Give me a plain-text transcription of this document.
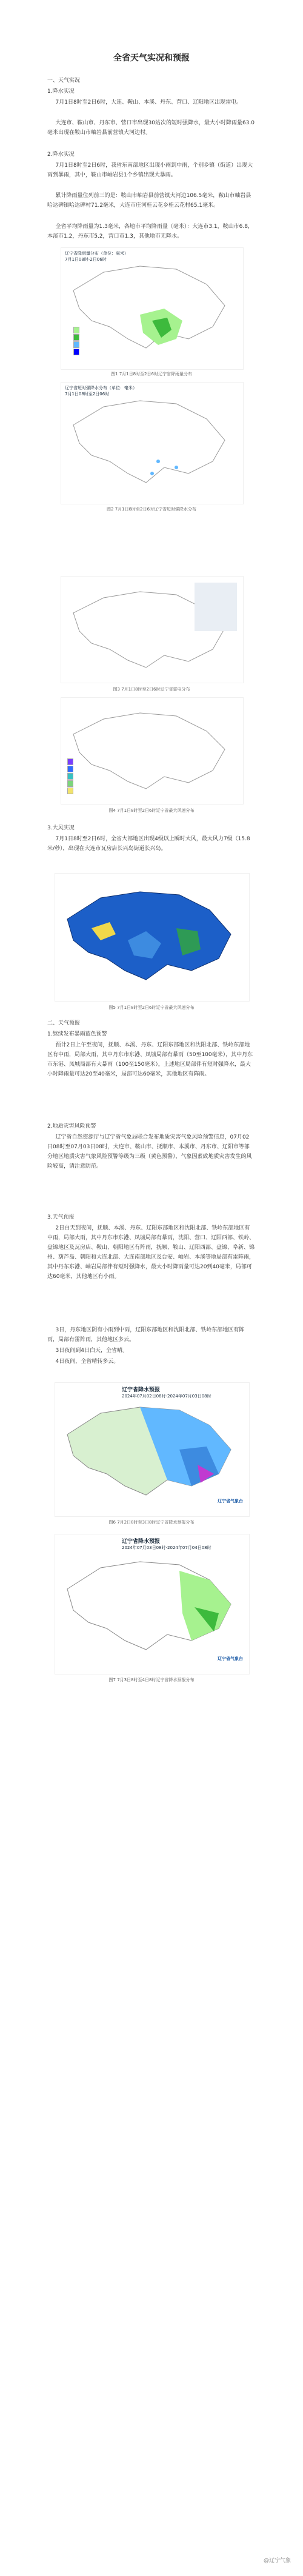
全省天气实况和预报
一、天气实况
1.降水实况
7月1日8时至2日6时，大连、鞍山、本溪、丹东、营口、辽阳地区出现雷电。
大连市、鞍山市、丹东市、营口市出现30站次的短时强降水，最大小时降雨量63.0毫米出现在鞍山市岫岩县前营镇大河边村。
2.降水实况
7月1日8时至2日6时，我省东南部地区出现小雨到中雨，个别乡镇（街道）出现大雨到暴雨，其中，鞍山市岫岩县1个乡镇出现大暴雨。
累计降雨量位列前三的是：鞍山市岫岩县前营镇大河边106.5毫米，鞍山市岫岩县哈达碑镇哈达碑村71.2毫米，大连市庄河桂云花乡桂云花村65.1毫米。
全省平均降雨量为1.3毫米，各地市平均降雨量（毫米）：大连市3.1，鞍山市6.8，本溪市1.2，丹东市5.2，营口市1.3，其他地市无降水。
辽宁省降雨量分布（单位：毫米）
7月1日08时-2日06时
图1 7月1日8时至2日6时辽宁省降雨量分布
辽宁省短时强降水分布（单位：毫米）
7月1日08时至2日06时
图2 7月1日8时至2日6时辽宁省短时强降水分布
图3 7月1日8时至2日6时辽宁省雷电分布
图4 7月1日8时至2日6时辽宁省最大风速分布
3.大风实况
7月1日8时至2日6时，全省大部地区出现4级以上瞬时大风，最大风力7级（15.8米/秒），出现在大连市瓦房店长兴岛街道长兴岛。
图5 7月1日8时至2日6时辽宁省最大风速分布
二、天气预报
1.继续发布暴雨蓝色预警
预计2日上午至夜间，抚顺、本溪、丹东、辽阳东部地区和沈阳北部、铁岭东部地区有中雨，局部大雨，其中丹东市东港、凤城局部有暴雨（50至100毫米），其中丹东市东港、凤城局部有大暴雨（100至150毫米），上述地区局部伴有短时强降水，最大小时降雨量可达20至40毫米，局部可达60毫米，其他地区有阵雨。
2.地质灾害风险预警
辽宁省自然资源厅与辽宁省气象局联合发布地质灾害气象风险预警信息，07月02日08时至07月03日08时，大连市、鞍山市、抚顺市、本溪市、丹东市、辽阳市等部分地区地质灾害气象风险预警等级为三级（黄色预警），气象因素致地质灾害发生的风险较高，请注意防范。
3.天气预报
2日白天到夜间，抚顺、本溪、丹东、辽阳东部地区和沈阳北部、铁岭东部地区有中雨，局部大雨，其中丹东市东港、凤城局部有暴雨，沈阳、营口、辽阳西部、铁岭、盘锦地区及瓦房店、鞍山、朝阳地区有阵雨，抚顺、鞍山、辽阳西部、盘锦、阜新、锦州、葫芦岛、朝阳和大连北部、大连南部地区及台安、岫岩、本溪等地局部有雷阵雨，其中丹东东港、岫岩局部伴有短时强降水，最大小时降雨量可达20到40毫米，局部可达60毫米，其他地区有小雨。
3日，丹东地区阴有小雨到中雨，辽阳东部地区和沈阳北部、铁岭东部地区有阵雨，局部有雷阵雨，其他地区多云。
3日夜间到4日白天，全省晴。
4日夜间，全省晴转多云。
辽宁省降水预报
2024年07月02日08时-2024年07月03日08时
辽宁省气象台
图6 7月2日8时至3日8时辽宁省降水预报分布
辽宁省降水预报
2024年07月03日08时-2024年07月04日08时
辽宁省气象台
图7 7月3日8时至4日8时辽宁省降水预报分布
@辽宁气象
